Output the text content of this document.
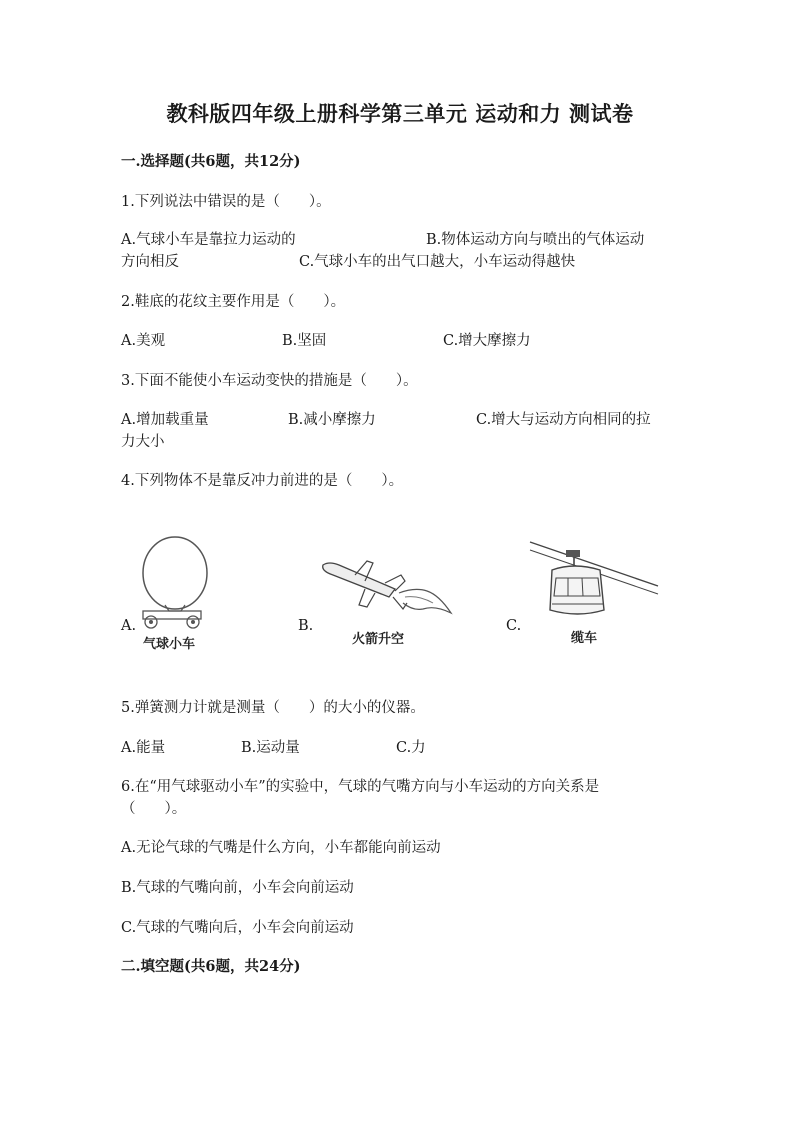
教科版四年级上册科学第三单元 运动和力 测试卷
一.选择题(共6题，共12分)
1.下列说法中错误的是（　　）。
A.气球小车是靠拉力运动的	B.物体运动方向与喷出的气体运动
方向相反	C.气球小车的出气口越大，小车运动得越快
2.鞋底的花纹主要作用是（　　）。
A.美观	B.坚固	C.增大摩擦力
3.下面不能使小车运动变快的措施是（　　）。
A.增加载重量	B.减小摩擦力	C.增大与运动方向相同的拉
力大小
4.下列物体不是靠反冲力前进的是（　　）。
A.
气球小车
B.
火箭升空
C.
缆车
5.弹簧测力计就是测量（　　）的大小的仪器。
A.能量	B.运动量	C.力
6.在“用气球驱动小车”的实验中，气球的气嘴方向与小车运动的方向关系是
（　　）。
A.无论气球的气嘴是什么方向，小车都能向前运动
B.气球的气嘴向前，小车会向前运动
C.气球的气嘴向后，小车会向前运动
二.填空题(共6题，共24分)
